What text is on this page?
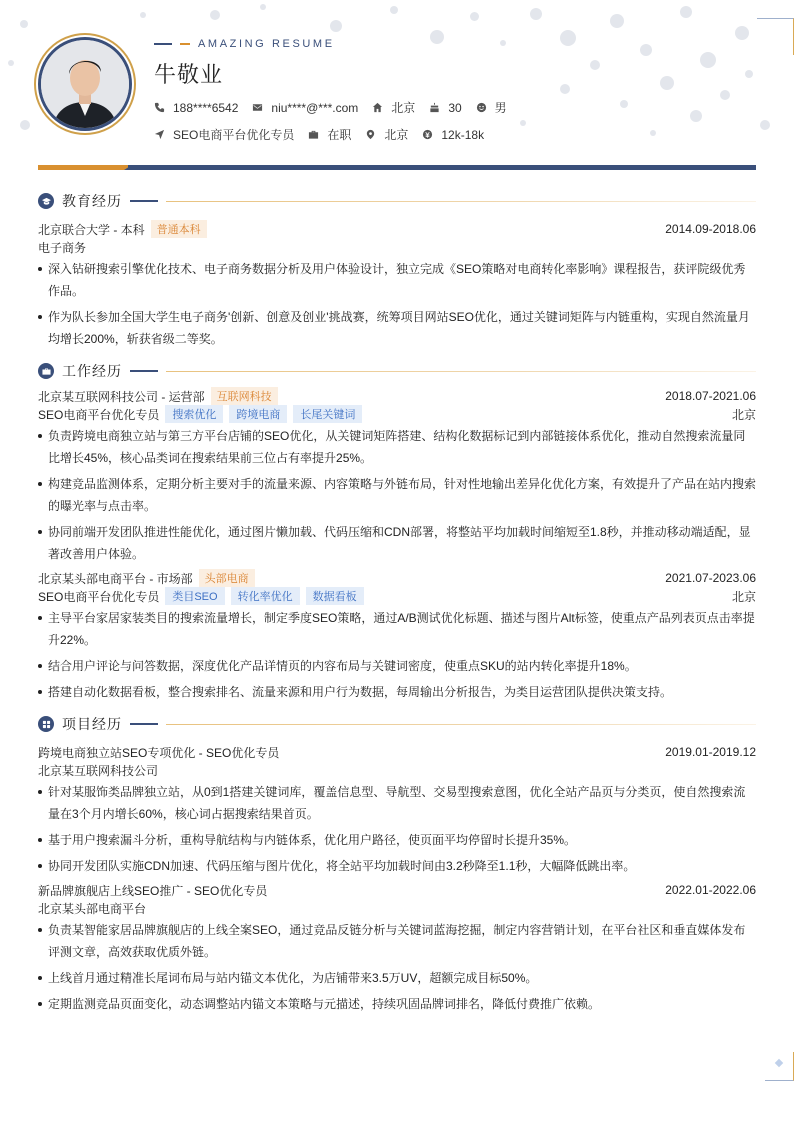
AMAZING RESUME
牛敬业
188****6542	niu****@***.com	北京	30	男
SEO电商平台优化专员	在职	北京	12k-18k
教育经历
北京联合大学 - 本科	普通本科	2014.09-2018.06
电子商务
深入钻研搜索引擎优化技术、电子商务数据分析及用户体验设计，独立完成《SEO策略对电商转化率影响》课程报告，获评院级优秀作品。
作为队长参加全国大学生电子商务'创新、创意及创业'挑战赛，统筹项目网站SEO优化，通过关键词矩阵与内链重构，实现自然流量月均增长200%，斩获省级二等奖。
工作经历
北京某互联网科技公司 - 运营部	互联网科技	2018.07-2021.06
SEO电商平台优化专员	搜索优化	跨境电商	长尾关键词	北京
负责跨境电商独立站与第三方平台店铺的SEO优化，从关键词矩阵搭建、结构化数据标记到内部链接体系优化，推动自然搜索流量同比增长45%，核心品类词在搜索结果前三位占有率提升25%。
构建竞品监测体系，定期分析主要对手的流量来源、内容策略与外链布局，针对性地输出差异化优化方案，有效提升了产品在站内搜索的曝光率与点击率。
协同前端开发团队推进性能优化，通过图片懒加载、代码压缩和CDN部署，将整站平均加载时间缩短至1.8秒，并推动移动端适配，显著改善用户体验。
北京某头部电商平台 - 市场部	头部电商	2021.07-2023.06
SEO电商平台优化专员	类目SEO	转化率优化	数据看板	北京
主导平台家居家装类目的搜索流量增长，制定季度SEO策略，通过A/B测试优化标题、描述与图片Alt标签，使重点产品列表页点击率提升22%。
结合用户评论与问答数据，深度优化产品详情页的内容布局与关键词密度，使重点SKU的站内转化率提升18%。
搭建自动化数据看板，整合搜索排名、流量来源和用户行为数据，每周输出分析报告，为类目运营团队提供决策支持。
项目经历
跨境电商独立站SEO专项优化 - SEO优化专员	2019.01-2019.12
北京某互联网科技公司
针对某服饰类品牌独立站，从0到1搭建关键词库，覆盖信息型、导航型、交易型搜索意图，优化全站产品页与分类页，使自然搜索流量在3个月内增长60%，核心词占据搜索结果首页。
基于用户搜索漏斗分析，重构导航结构与内链体系，优化用户路径，使页面平均停留时长提升35%。
协同开发团队实施CDN加速、代码压缩与图片优化，将全站平均加载时间由3.2秒降至1.1秒，大幅降低跳出率。
新品牌旗舰店上线SEO推广 - SEO优化专员	2022.01-2022.06
北京某头部电商平台
负责某智能家居品牌旗舰店的上线全案SEO，通过竞品反链分析与关键词蓝海挖掘，制定内容营销计划，在平台社区和垂直媒体发布评测文章，高效获取优质外链。
上线首月通过精准长尾词布局与站内锚文本优化，为店铺带来3.5万UV，超额完成目标50%。
定期监测竞品页面变化，动态调整站内锚文本策略与元描述，持续巩固品牌词排名，降低付费推广依赖。
